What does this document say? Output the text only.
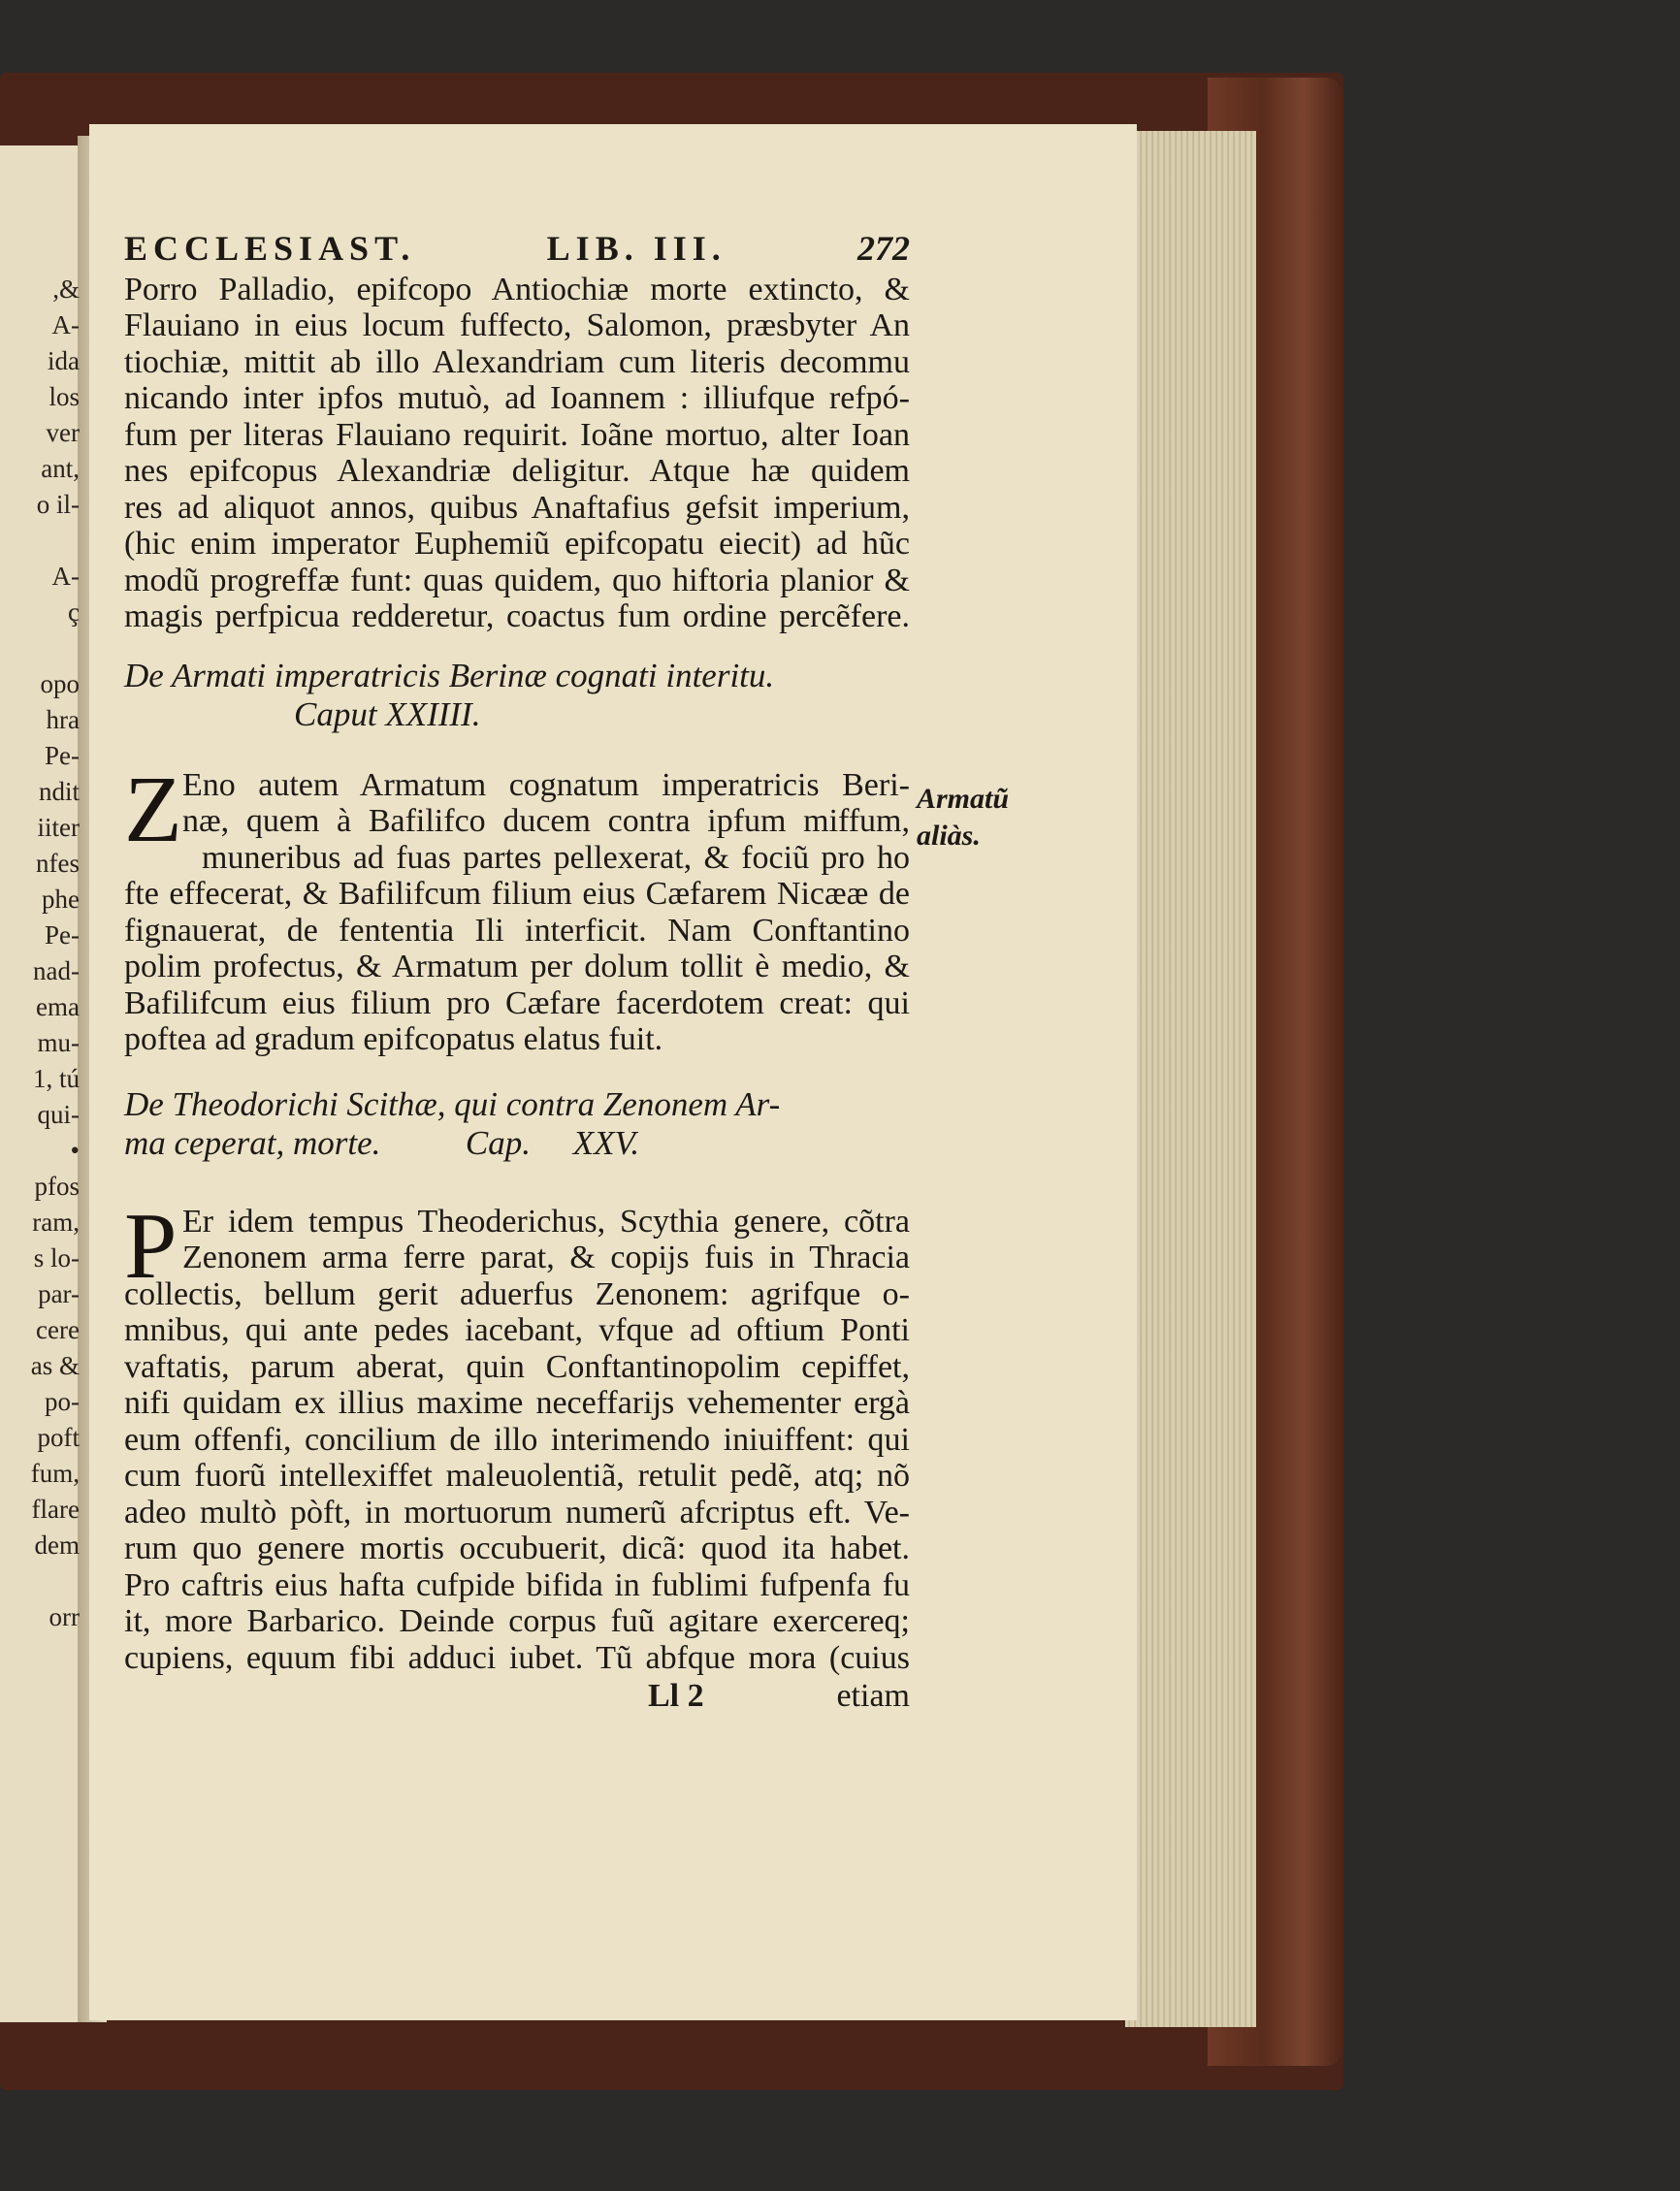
,&
A-
ida
los
ver
ant,
o il-
A-
ç
opo
hra
Pe-
ndit
iiter
nfes
phe
Pe-
nad-
ema
mu-
1, tú
qui-
•
pfos
ram,
s lo-
par-
cere
as &
po-
poft
fum,
flare
dem
orr
ECCLESIAST.	LIB. III.	272
Porro Palladio, epifcopo Antiochiæ morte extincto, &
Flauiano in eius locum fuffecto, Salomon, præsbyter An
tiochiæ, mittit ab illo Alexandriam cum literis decommu
nicando inter ipfos mutuò, ad Ioannem : illiufque refpó-
fum per literas Flauiano requirit. Ioãne mortuo, alter Ioan
nes epifcopus Alexandriæ deligitur. Atque hæ quidem
res ad aliquot annos, quibus Anaftafius gefsit imperium,
(hic enim imperator Euphemiũ epifcopatu eiecit) ad hũc
modũ progreffæ funt: quas quidem, quo hiftoria planior &
magis perfpicua redderetur, coactus fum ordine percẽfere.
De Armati imperatricis Berinæ cognati interitu.
Caput XXIIII.
Z Eno autem Armatum cognatum imperatricis Beri-
næ, quem à Bafilifco ducem contra ipfum miffum,
muneribus ad fuas partes pellexerat, & fociũ pro ho
fte effecerat, & Bafilifcum filium eius Cæfarem Nicææ de
fignauerat, de fententia Ili interficit. Nam Conftantino
polim profectus, & Armatum per dolum tollit è medio, &
Bafilifcum eius filium pro Cæfare facerdotem creat: qui
poftea ad gradum epifcopatus elatus fuit.
De Theodorichi Scithæ, qui contra Zenonem Ar-
ma ceperat, morte.          Cap.     XXV.
P Er idem tempus Theoderichus, Scythia genere, cõtra
Zenonem arma ferre parat, & copijs fuis in Thracia
collectis, bellum gerit aduerfus Zenonem: agrifque o-
mnibus, qui ante pedes iacebant, vfque ad oftium Ponti
vaftatis, parum aberat, quin Conftantinopolim cepiffet,
nifi quidam ex illius maxime neceffarijs vehementer ergà
eum offenfi, concilium de illo interimendo iniuiffent: qui
cum fuorũ intellexiffet maleuolentiã, retulit pedẽ, atq; nõ
adeo multò pòft, in mortuorum numerũ afcriptus eft. Ve-
rum quo genere mortis occubuerit, dicã: quod ita habet.
Pro caftris eius hafta cufpide bifida in fublimi fufpenfa fu
it, more Barbarico. Deinde corpus fuũ agitare exercereq;
cupiens, equum fibi adduci iubet. Tũ abfque mora (cuius
Ll 2	etiam
Armatũ
aliàs.
